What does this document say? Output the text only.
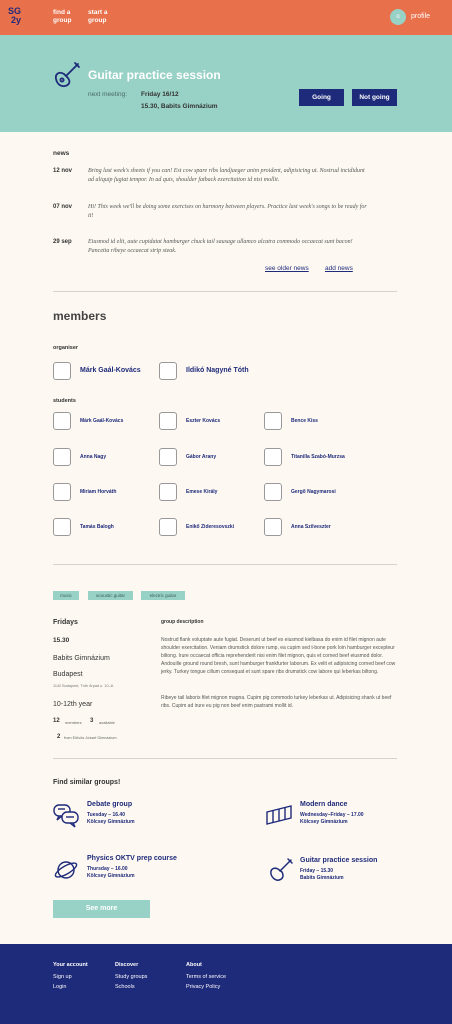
SG
2y
find a group
start a group	o	profile
Guitar practice session
next meeting: Friday 16/12
15.30, Babits Gimnázium
Going	Not going
news
12 nov	Bring last week's sheets if you can! Est cow spare ribs landjaeger anim proident, adipisicing ut. Nostrud incididunt ad aliquip fugiat tempor. In ad quis, shoulder fatback exercitation id nisi mollit.
07 nov	Hi! This week we'll be doing some exercises on harmony between players. Practice last week's songs to be ready for it!
29 sep	Eiusmod id elit, aute cupidatat hamburger chuck tail sausage ullamco alcatra commodo occaecat sunt bacon! Pancetta ribeye occaecat strip steak.
see older news	add news
members
organiser
Márk Gaál-Kovács	Ildikó Nagyné Tóth
students
Márk Gaál-Kovács	Eszter Kovács	Bence Kiss
Anna Nagy	Gábor Arany	Titanilla Szabó-Murzsa
Miriam Horváth	Emese Király	Gergő Nagymarosi
Tamás Balogh	Enikő Zideresovszki	Anna Szilveszter
music	acoustic guitar	electric guitar
Fridays
15.30
Babits Gimnázium
Budapest
1142 Budapest, Tóth Árpád u. 10–8.
10-12th year
12 members 3 available
2 from Eötvös József Gimnázium
group description
Nostrud flank voluptate aute fugiat. Deserunt ut beef ex eiusmod kielbasa do enim id filet mignon aute shoulder exercitation. Veniam drumstick dolore rump, ea cupim sed t-bone pork loin hamburger excepteur biltong. Irure occaecat officia reprehenderit nisi enim filet mignon, quis et corned beef eiusmod dolor. Andouille ground round bresh, sunt hamburger frankfurter laborum. Ex velit et adipisicing corned beef cow jerky. Turkey tongue cillum consequat et sunt spare ribs drumstick cow labore qui leberkas biltong.
Ribeye tail laboris filet mignon magna. Cupim pig commodo turkey leberkas ut. Adipisicing shank ut beef ribs. Cupim ad irure eu pig non beef enim pastrami mollit id.
Find similar groups!
Debate group
Tuesday – 16.40
Kölcsey Gimnázium
Modern dance
Wednesday–Friday – 17.00
Kölcsey Gimnázium
Physics OKTV prep course
Thursday – 16.00
Kölcsey Gimnázium
Guitar practice session
Friday – 15.30
Babits Gimnázium
See more
Your account
Sign up
Login
Discover
Study groups
Schools
About
Terms of service
Privacy Policy
